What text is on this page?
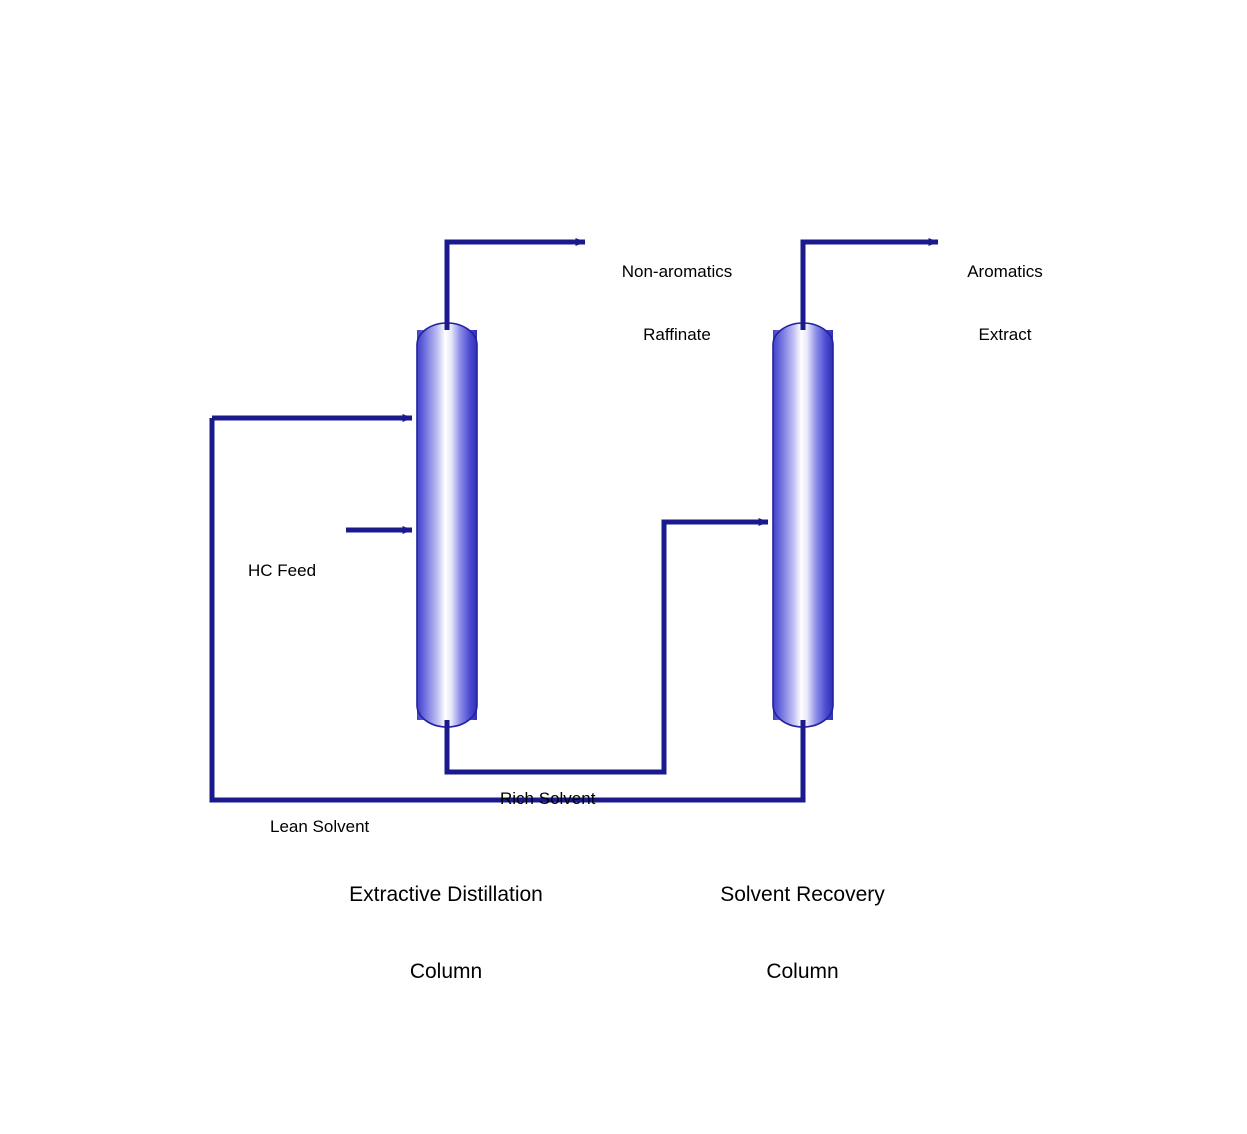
Non-aromatics

Raffinate

Aromatics

Extract

HC Feed

Rich Solvent

Lean Solvent

Extractive Distillation

Column

Solvent Recovery

Column
